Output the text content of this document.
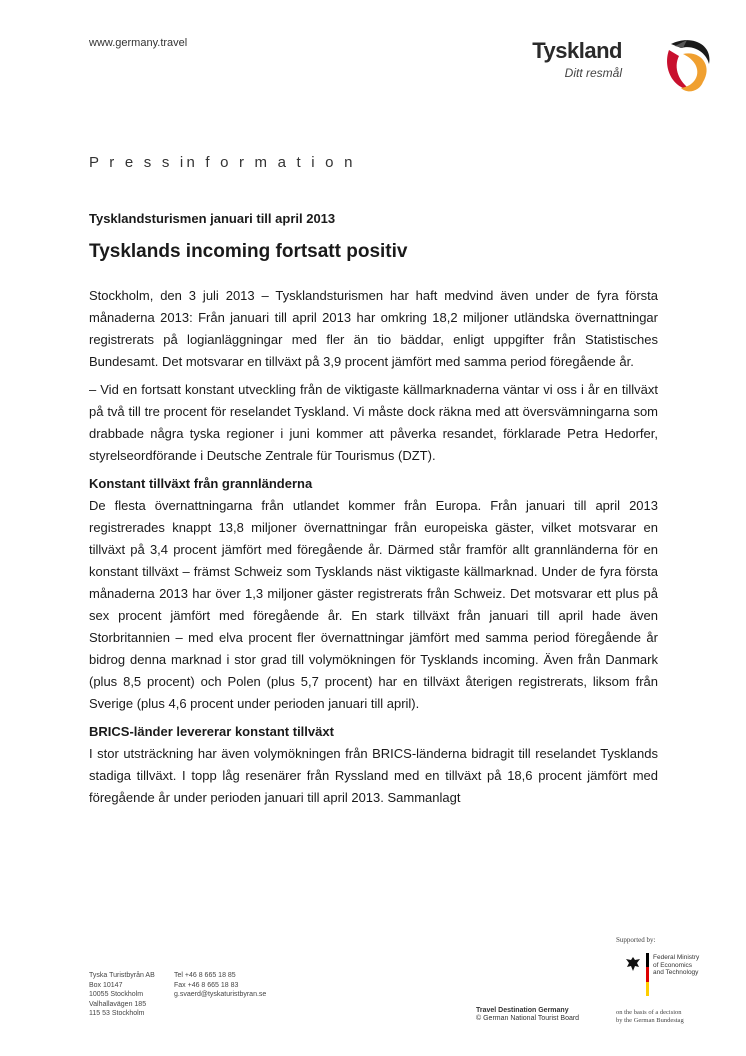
www.germany.travel	Tyskland
Ditt resmål
P r e s s in f o r m a t i o n
Tysklandsturismen januari till april 2013
Tysklands incoming fortsatt positiv

Stockholm, den 3 juli 2013 – Tysklandsturismen har haft medvind även under de fyra första månaderna 2013: Från januari till april 2013 har omkring 18,2 miljoner utländska övernattningar registrerats på logianläggningar med fler än tio bäddar, enligt uppgifter från Statistisches Bundesamt. Det motsvarar en tillväxt på 3,9 procent jämfört med samma period föregående år.

– Vid en fortsatt konstant utveckling från de viktigaste källmarknaderna väntar vi oss i år en tillväxt på två till tre procent för reselandet Tyskland. Vi måste dock räkna med att översvämningarna som drabbade några tyska regioner i juni kommer att påverka resandet, förklarade Petra Hedorfer, styrelseordförande i Deutsche Zentrale für Tourismus (DZT).

Konstant tillväxt från grannländerna

De flesta övernattningarna från utlandet kommer från Europa. Från januari till april 2013 registrerades knappt 13,8 miljoner övernattningar från europeiska gäster, vilket motsvarar en tillväxt på 3,4 procent jämfört med föregående år. Därmed står framför allt grannländerna för en konstant tillväxt – främst Schweiz som Tysklands näst viktigaste källmarknad. Under de fyra första månaderna 2013 har över 1,3 miljoner gäster registrerats från Schweiz. Det motsvarar ett plus på sex procent jämfört med föregående år. En stark tillväxt från januari till april hade även Storbritannien – med elva procent fler övernattningar jämfört med samma period föregående år bidrog denna marknad i stor grad till volymökningen för Tysklands incoming. Även från Danmark (plus 8,5 procent) och Polen (plus 5,7 procent) har en tillväxt återigen registrerats, liksom från Sverige (plus 4,6 procent under perioden januari till april).

BRICS-länder levererar konstant tillväxt

I stor utsträckning har även volymökningen från BRICS-länderna bidragit till reselandet Tysklands stadiga tillväxt. I topp låg resenärer från Ryssland med en tillväxt på 18,6 procent jämfört med föregående år under perioden januari till april 2013. Sammanlagt

Tyska Turistbyrån AB
Box 10147
10055 Stockholm
Valhallavägen 185
115 53 Stockholm
Tel +46 8 665 18 85
Fax +46 8 665 18 83
g.svaerd@tyskaturistbyran.se
Travel Destination Germany
© German National Tourist Board
Supported by:
Federal Ministry
of Economics
and Technology
on the basis of a decision
by the German Bundestag
